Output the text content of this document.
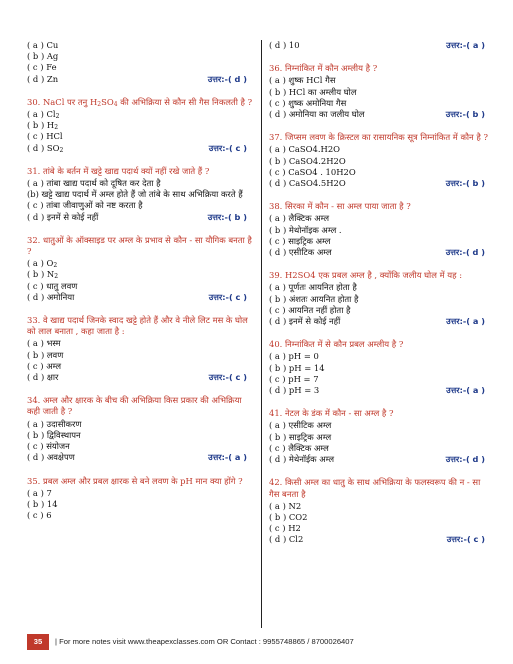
( a ) Cu
( b ) Ag
( c ) Fe
( d ) Zn	उत्तर:-( d )
30. NaCl पर तनु $H_2SO_4$ की अभिक्रिया से कौन सी गैस निकलती है ?
( a ) $Cl_2$
( b ) $H_2$
( c ) HCl
( d ) $SO_2$	उत्तर:-( c )
31. तांबे के बर्तन में खट्टे खाद्य पदार्थ क्यों नहीं रखे जाते हैं ?
( a ) तांबा खाद्य पदार्थ को दूषित कर देता है
(b) खट्टे खाद्य पदार्थ में अम्ल होते हैं जो तांबे के साथ अभिक्रिया करते हैं
( c ) तांबा जीवाणुओं को नष्ट करता है
( d ) इनमें से कोई नहीं	उत्तर:-( b )
32. धातुओं के ऑक्साइड पर अम्ल के प्रभाव से कौन - सा यौगिक बनता है ?
( a ) $O_2$
( b ) $N_2$
( c ) धातु लवण
( d ) अमोनिया	उत्तर:-( c )
33. वे खाद्य पदार्थ जिनके स्वाद खट्टे होते हैं और वे नीले लिट मस के घोल को लाल बनाता , कहा जाता है :
( a ) भस्म
( b ) लवण
( c ) अम्ल
( d ) क्षार	उत्तर:-( c )
34. अम्ल और क्षारक के बीच की अभिक्रिया किस प्रकार की अभिक्रिया कही जाती है ?
( a ) उदासीकरण
( b ) द्विविस्थापन
( c ) संयोजन
( d ) अवक्षेपण	उत्तर:-( a )
35. प्रबल अम्ल और प्रबल क्षारक से बने लवण के pH मान क्या होंगे ?
( a ) 7
( b ) 14
( c ) 6
( d ) 10	उत्तर:-( a )
36. निम्नांकित में कौन अम्लीय है ?
( a ) शुष्क HCl गैस
( b ) HCl का अम्लीय घोल
( c ) शुष्क अमोनिया गैस
( d ) अमोनिया का जलीय घोल	उत्तर:-( b )
37. जिप्सम लवण के क्रिस्टल का रासायनिक सूत्र निम्नांकित में कौन है ?
( a ) CaSO4.H2O
( b ) CaSO4.2H2O
( c ) CaSO4 . 10H2O
( d ) CaSO4.5H2O	उत्तर:-( b )
38. सिरका में कौन - सा अम्ल पाया जाता है ?
( a ) लैक्टिक अम्ल
( b ) मेथोनॉइक अम्ल .
( c ) साइट्रिक अम्ल
( d ) एसीटिक अम्ल	उत्तर:-( d )
39. H2SO4 एक प्रबल अम्ल है , क्योंकि जलीय घोल में यह :
( a ) पूर्णतः आयनित होता है
( b ) अंशतः आयनित होता है
( c ) आयनित नहीं होता है
( d ) इनमें से कोई नहीं	उत्तर:-( a )
40. निम्नांकित में से कौन प्रबल अम्लीय है ?
( a ) pH = 0
( b ) pH = 14
( c ) pH = 7
( d ) pH = 3	उत्तर:-( a )
41. नेटल के डंक में कौन - सा अम्ल है ?
( a ) एसीटिक अम्ल
( b ) साइट्रिक अम्ल
( c ) लैक्टिक अम्ल
( d ) मेथेनॉईक अम्ल	उत्तर:-( d )
42. किसी अम्ल का धातु के साथ अभिक्रिया के फलस्वरूप की न - सा गैस बनता है
( a ) N2
( b ) CO2
( c ) H2
( d ) Cl2	उत्तर:-( c )
35	| For more notes visit www.theapexclasses.com OR Contact : 9955748865 / 8700026407
